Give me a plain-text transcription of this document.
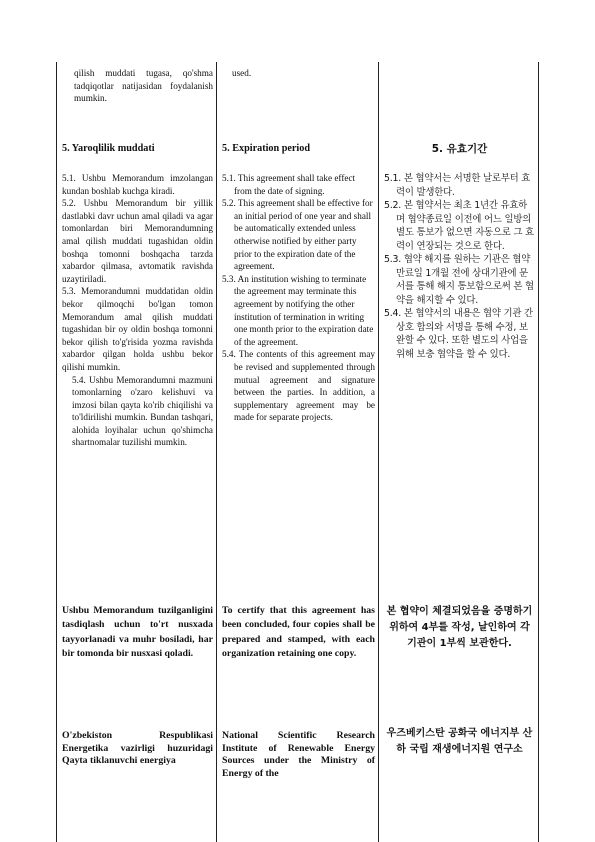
qilish muddati tugasa, qo'shma tadqiqotlar natijasidan foydalanish mumkin.
used.
5. Yaroqlilik muddati	5. Expiration period	5. 유효기간

5.1. Ushbu Memorandum imzolangan kundan boshlab kuchga kiradi.

5.2. Ushbu Memorandum bir yillik dastlabki davr uchun amal qiladi va agar tomonlardan biri Memorandumning amal qilish muddati tugashidan oldin boshqa tomonni boshqacha tarzda xabardor qilmasa, avtomatik ravishda uzaytiriladi.

5.3. Memorandumni muddatidan oldin bekor qilmoqchi bo'lgan tomon Memorandum amal qilish muddati tugashidan bir oy oldin boshqa tomonni bekor qilish to'g'risida yozma ravishda xabardor qilgan holda ushbu bekor qilishi mumkin.

5.4. Ushbu Memorandumni mazmuni tomonlarning o'zaro kelishuvi va imzosi bilan qayta ko'rib chiqilishi va to'ldirilishi mumkin. Bundan tashqari, alohida loyihalar uchun qo'shimcha shartnomalar tuzilishi mumkin.

5.1. This agreement shall take effect from the date of signing.

5.2. This agreement shall be effective for an initial period of one year and shall be automatically extended unless otherwise notified by either party prior to the expiration date of the agreement.

5.3. An institution wishing to terminate the agreement may terminate this agreement by notifying the other institution of termination in writing one month prior to the expiration date of the agreement.

5.4. The contents of this agreement may be revised and supplemented through mutual agreement and signature between the parties. In addition, a supplementary agreement may be made for separate projects.

5.1. 본 협약서는 서명한 날로부터 효력이 발생한다.

5.2. 본 협약서는 최초 1년간 유효하며 협약종료일 이전에 어느 일방의 별도 통보가 없으면 자동으로 그 효력이 연장되는 것으로 한다.

5.3. 협약 해지를 원하는 기관은 협약 만료일 1개월 전에 상대기관에 문서를 통해 해지 통보함으로써 본 협약을 해지할 수 있다.

5.4. 본 협약서의 내용은 협약 기관 간 상호 합의와 서명을 통해 수정, 보완할 수 있다. 또한 별도의 사업을 위해 보충 협약을 할 수 있다.

Ushbu Memorandum tuzilganligini tasdiqlash uchun to'rt nusxada tayyorlanadi va muhr bosiladi, har bir tomonda bir nusxasi qoladi.
To certify that this agreement has been concluded, four copies shall be prepared and stamped, with each organization retaining one copy.
본 협약이 체결되었음을 증명하기 위하여 4부를 작성, 날인하여 각 기관이 1부씩 보관한다.
O'zbekiston Respublikasi Energetika vazirligi huzuridagi Qayta tiklanuvchi energiya
National Scientific Research Institute of Renewable Energy Sources under the Ministry of Energy of the
우즈베키스탄 공화국 에너지부 산하 국립 재생에너지원 연구소
